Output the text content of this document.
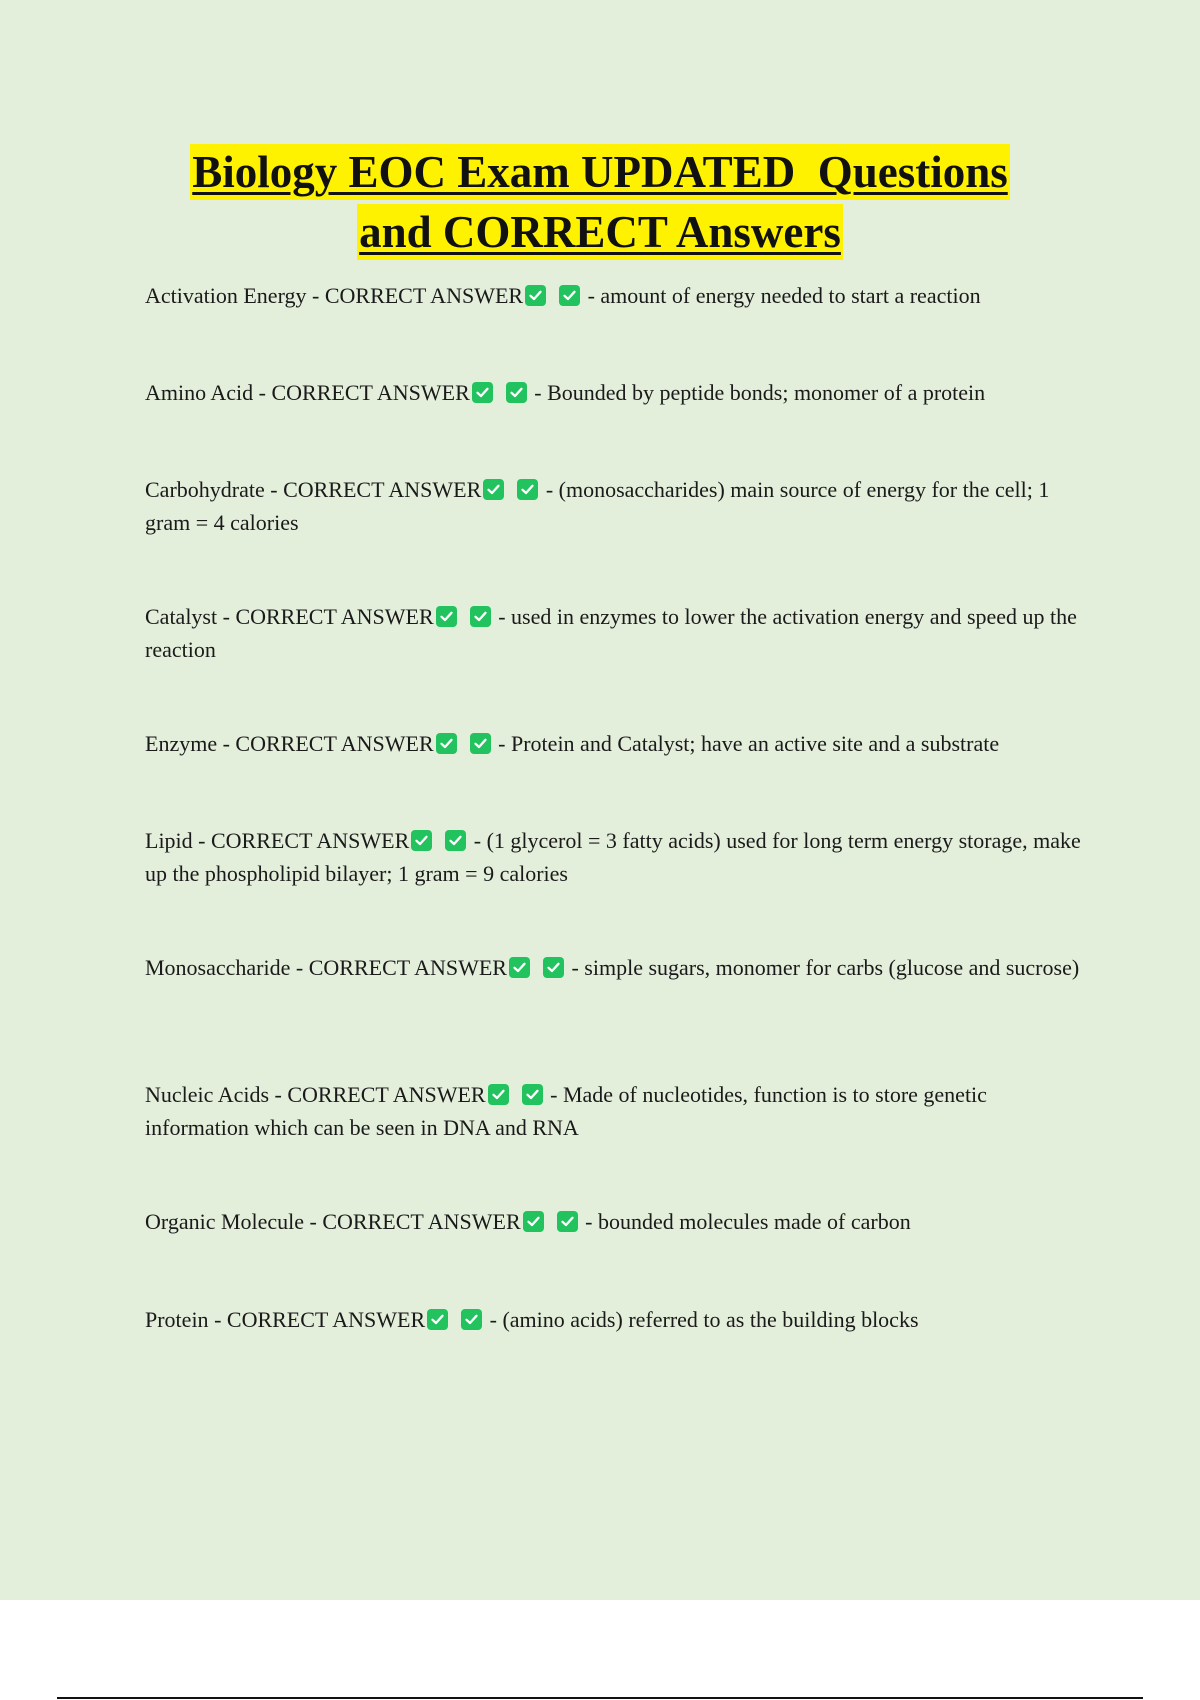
Biology EOC Exam UPDATED  Questions
and CORRECT Answers

Activation Energy - CORRECT ANSWER	- amount of energy needed to start a reaction

Amino Acid - CORRECT ANSWER	- Bounded by peptide bonds; monomer of a protein

Carbohydrate - CORRECT ANSWER	- (monosaccharides) main source of energy for the cell; 1 gram = 4 calories

Catalyst - CORRECT ANSWER	- used in enzymes to lower the activation energy and speed up the reaction

Enzyme - CORRECT ANSWER	- Protein and Catalyst; have an active site and a substrate

Lipid - CORRECT ANSWER	- (1 glycerol = 3 fatty acids) used for long term energy storage, make up the phospholipid bilayer; 1 gram = 9 calories

Monosaccharide - CORRECT ANSWER	- simple sugars, monomer for carbs (glucose and sucrose)

Nucleic Acids - CORRECT ANSWER	- Made of nucleotides, function is to store genetic information which can be seen in DNA and RNA

Organic Molecule - CORRECT ANSWER	- bounded molecules made of carbon

Protein - CORRECT ANSWER	- (amino acids) referred to as the building blocks
